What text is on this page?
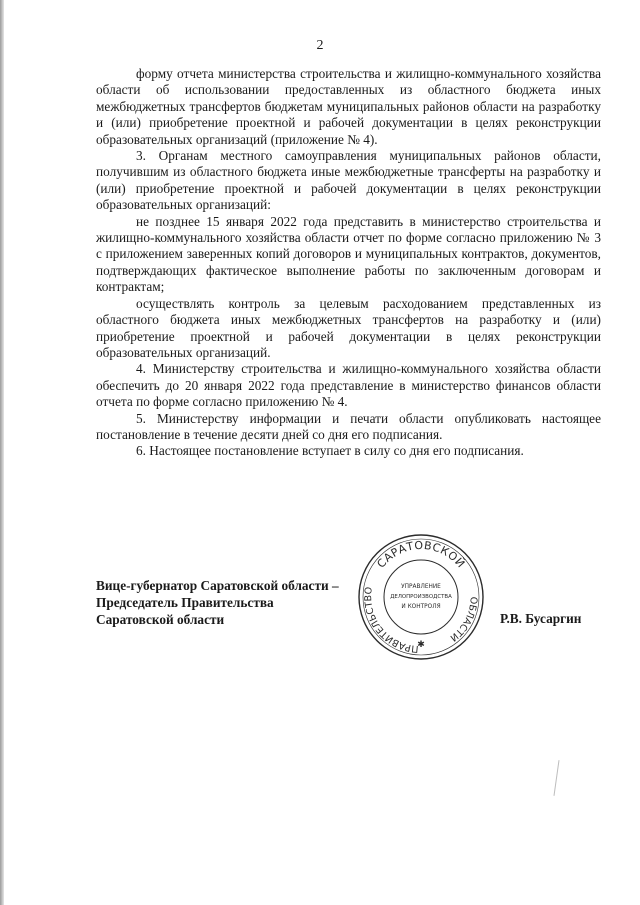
2

форму отчета министерства строительства и жилищно-коммунального хозяйства области об использовании предоставленных из областного бюджета иных межбюджетных трансфертов бюджетам муниципальных районов области на разработку и (или) приобретение проектной и рабочей документации в целях реконструкции образовательных организаций (приложение № 4).

3. Органам местного самоуправления муниципальных районов области, получившим из областного бюджета иные межбюджетные трансферты на разработку и (или) приобретение проектной и рабочей документации в целях реконструкции образовательных организаций:

не позднее 15 января 2022 года представить в министерство строительства и жилищно-коммунального хозяйства области отчет по форме согласно приложению № 3 с приложением заверенных копий договоров и муниципальных контрактов, документов, подтверждающих фактическое выполнение работы по заключенным договорам и контрактам;

осуществлять контроль за целевым расходованием представленных из областного бюджета иных межбюджетных трансфертов на разработку и (или) приобретение проектной и рабочей документации в целях реконструкции образовательных организаций.

4. Министерству строительства и жилищно-коммунального хозяйства области обеспечить до 20 января 2022 года представление в министерство финансов области отчета по форме согласно приложению № 4.

5. Министерству информации и печати области опубликовать настоящее постановление в течение десяти дней со дня его подписания.

6. Настоящее постановление вступает в силу со дня его подписания.

Вице-губернатор Саратовской области –
Председатель Правительства
Саратовской области	Р.В. Бусаргин
САРАТОВСКОЙ
ПРАВИТЕЛЬСТВО
ОБЛАСТИ
УПРАВЛЕНИЕ
ДЕЛОПРОИЗВОДСТВА
И КОНТРОЛЯ
✱
